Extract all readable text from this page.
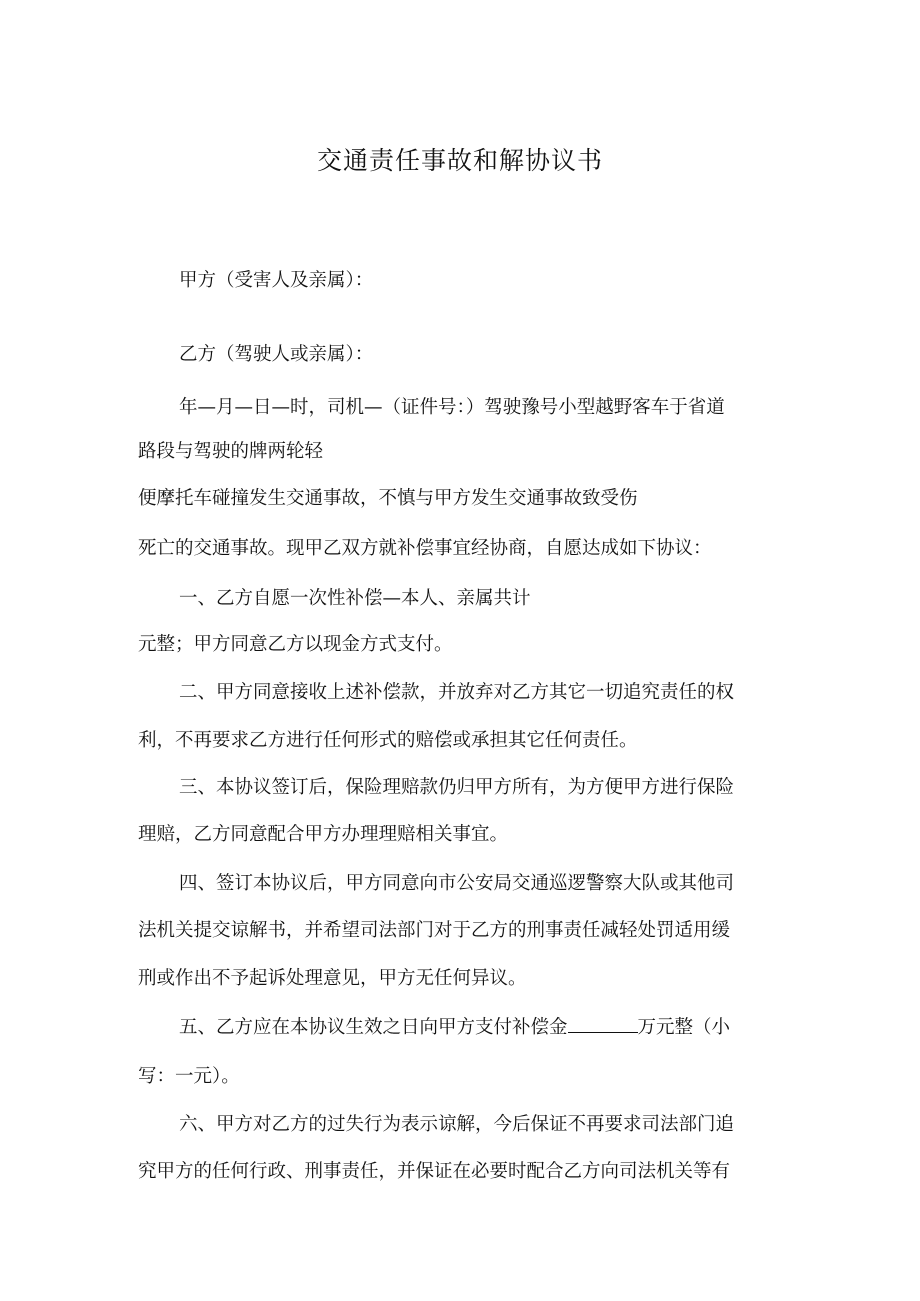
交通责任事故和解协议书
甲方（受害人及亲属）：
乙方（驾驶人或亲属）：
年—月—日—时，司机—（证件号：）驾驶豫号小型越野客车于省道
路段与驾驶的牌两轮轻
便摩托车碰撞发生交通事故，不慎与甲方发生交通事故致受伤
死亡的交通事故。现甲乙双方就补偿事宜经协商，自愿达成如下协议：
一、乙方自愿一次性补偿—本人、亲属共计
元整；甲方同意乙方以现金方式支付。
二、甲方同意接收上述补偿款，并放弃对乙方其它一切追究责任的权
利，不再要求乙方进行任何形式的赔偿或承担其它任何责任。
三、本协议签订后，保险理赔款仍归甲方所有，为方便甲方进行保险
理赔，乙方同意配合甲方办理理赔相关事宜。
四、签订本协议后，甲方同意向市公安局交通巡逻警察大队或其他司
法机关提交谅解书，并希望司法部门对于乙方的刑事责任减轻处罚适用缓
刑或作出不予起诉处理意见，甲方无任何异议。
五、乙方应在本协议生效之日向甲方支付补偿金	万元整（小
写：一元）。
六、甲方对乙方的过失行为表示谅解，今后保证不再要求司法部门追
究甲方的任何行政、刑事责任，并保证在必要时配合乙方向司法机关等有
